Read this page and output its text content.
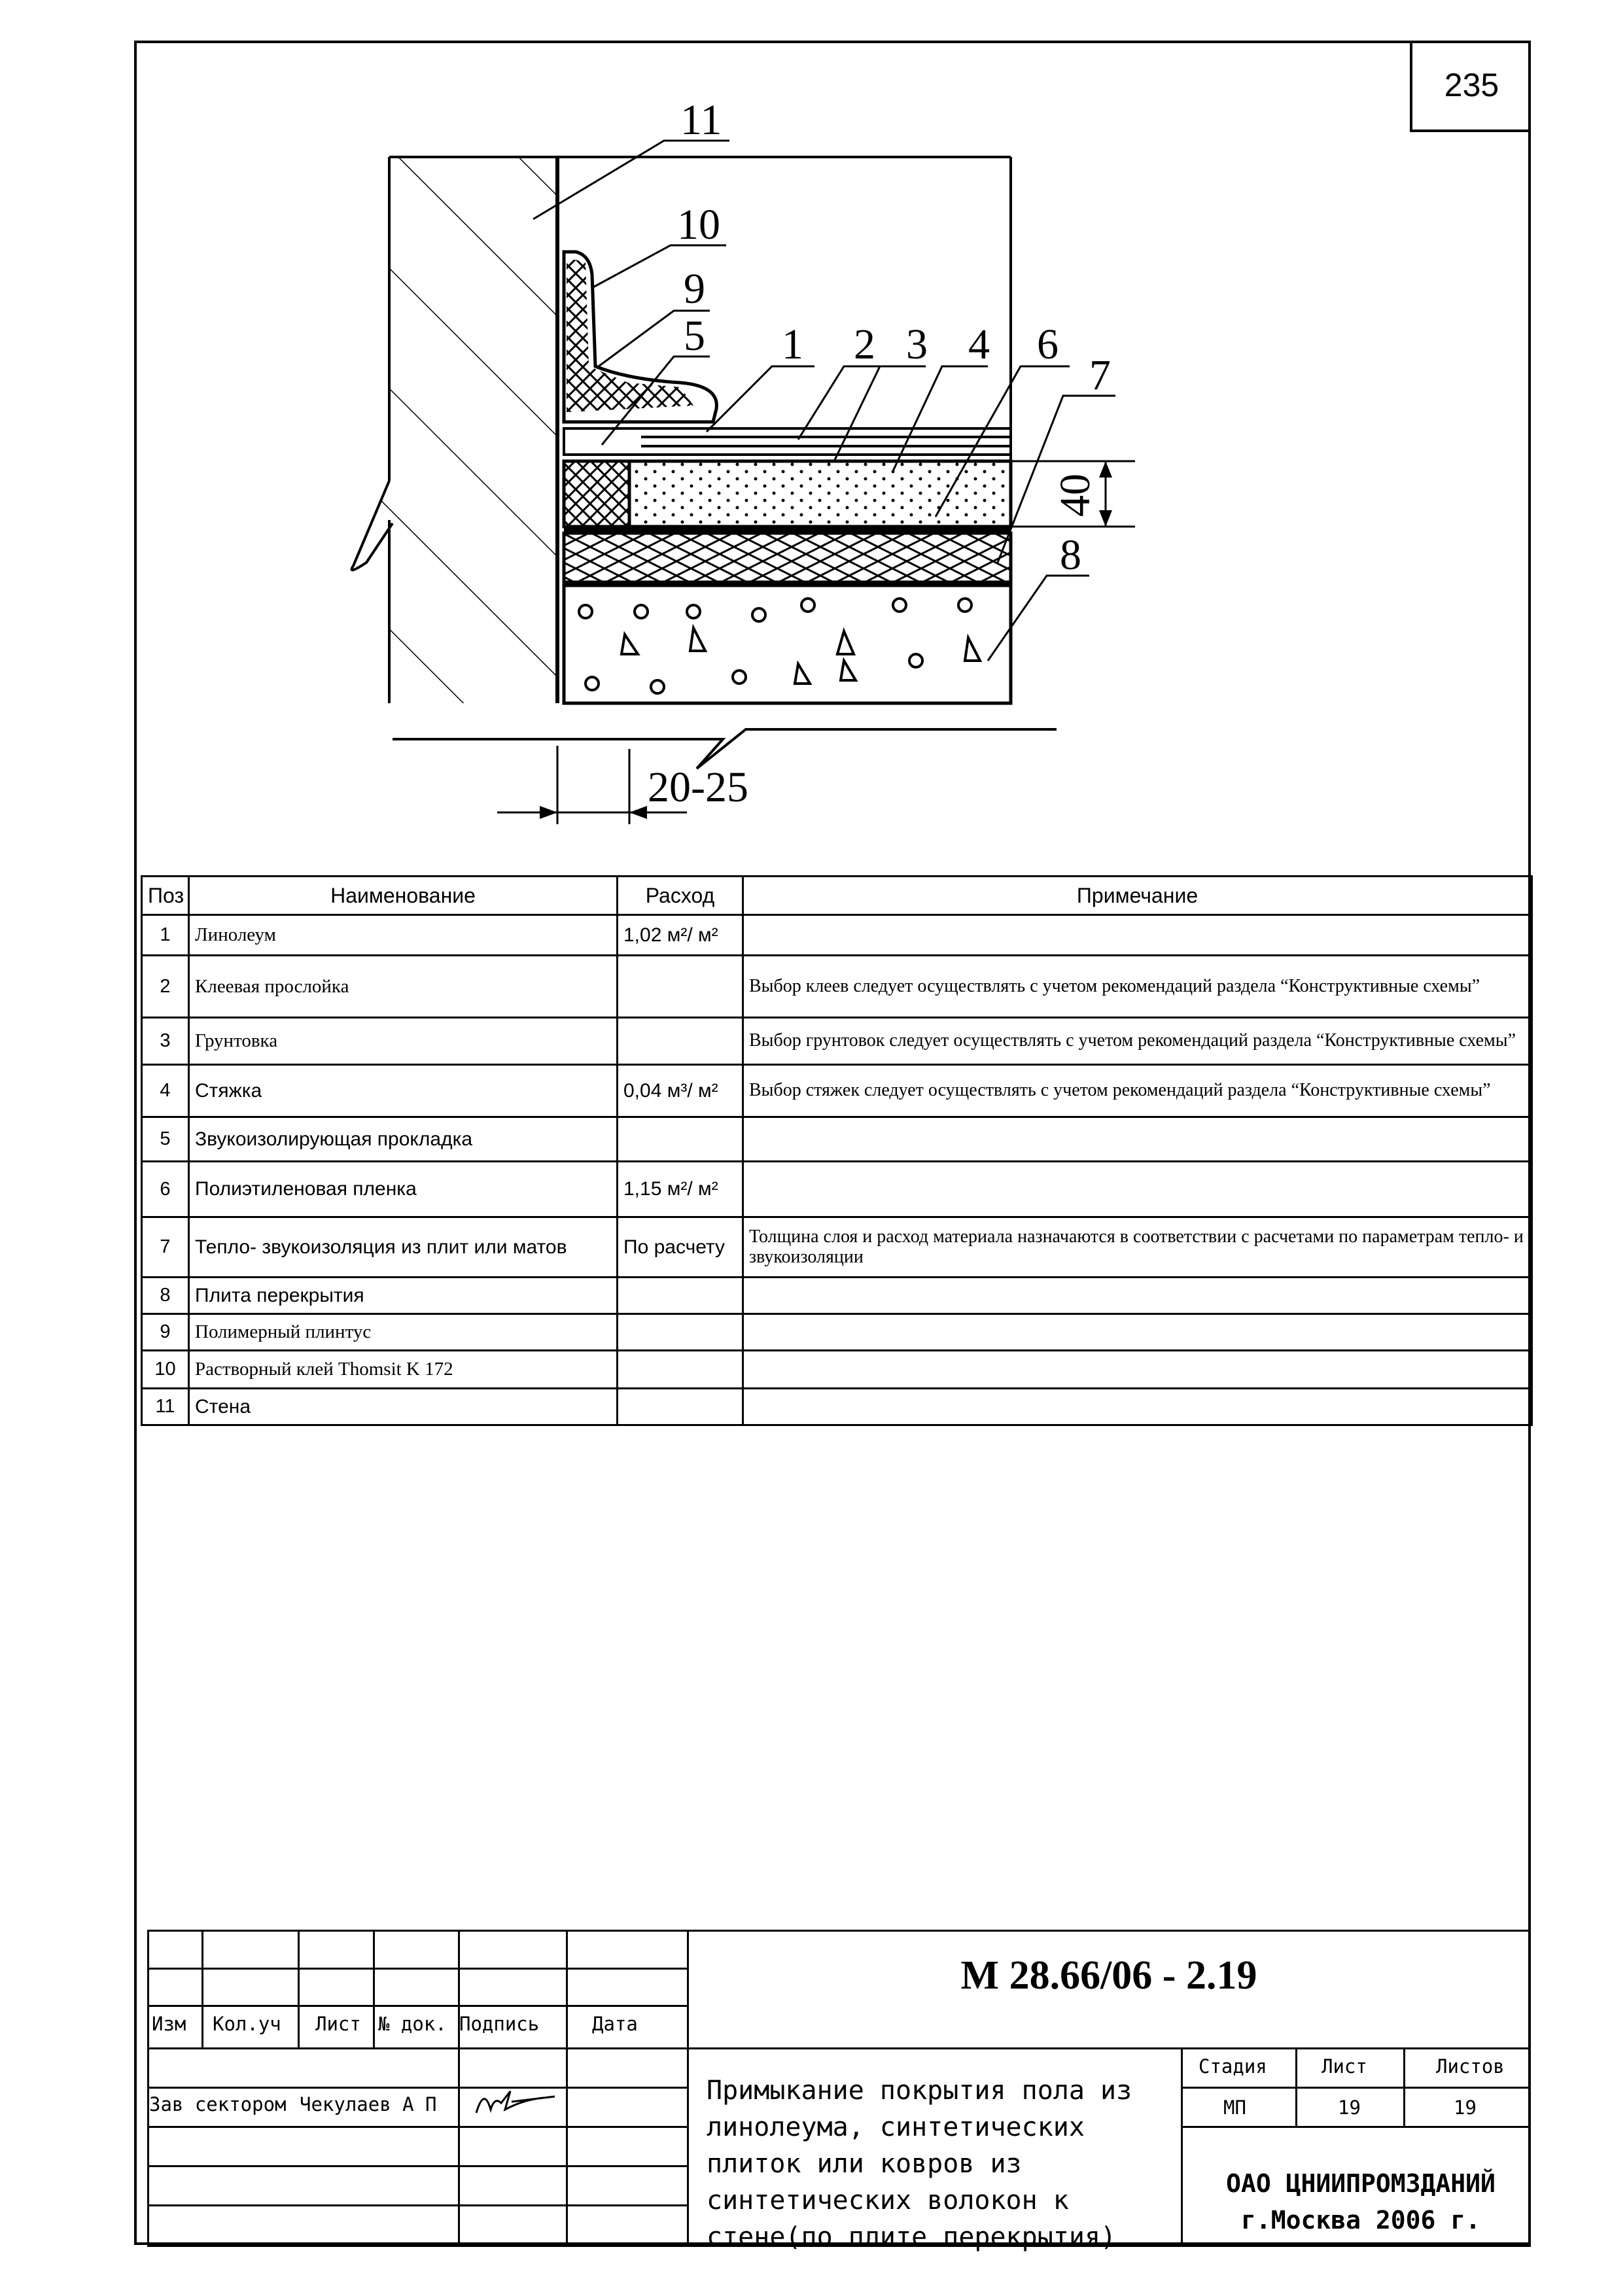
235
40
20-25
11
10
9
5 1 2 3 4 6
7
8
Поз	Наименование	Расход	Примечание
1	Линолеум	1,02 м²/ м²	
2	Клеевая прослойка		Выбор клеев следует осуществлять с учетом рекомендаций раздела “Конструктивные схемы”
3	Грунтовка		Выбор грунтовок следует осуществлять с учетом рекомендаций раздела “Конструктивные схемы”
4	Стяжка	0,04 м³/ м²	Выбор стяжек следует осуществлять с учетом рекомендаций раздела “Конструктивные схемы”
5	Звукоизолирующая прокладка		
6	Полиэтиленовая пленка	1,15 м²/ м²	
7	Тепло- звукоизоляция из плит или матов	По расчету	Толщина слоя и расход материала назначаются в соответствии с расчетами по параметрам тепло- и звукоизоляции
8	Плита перекрытия		
9	Полимерный плинтус		
10	Растворный клей Thomsit K 172		
11	Стена		
Изм Кол.уч Лист № док. Подпись	Дата
Зав сектором Чекулаев А П
М 28.66/06 - 2.19
Примыкание покрытия пола из линолеума, синтетических плиток или ковров из синтетических волокон к стене(по плите перекрытия)
Стадия	Лист	Листов
МП	19	19
ОАО ЦНИИПРОМЗДАНИЙ
г.Москва 2006 г.
